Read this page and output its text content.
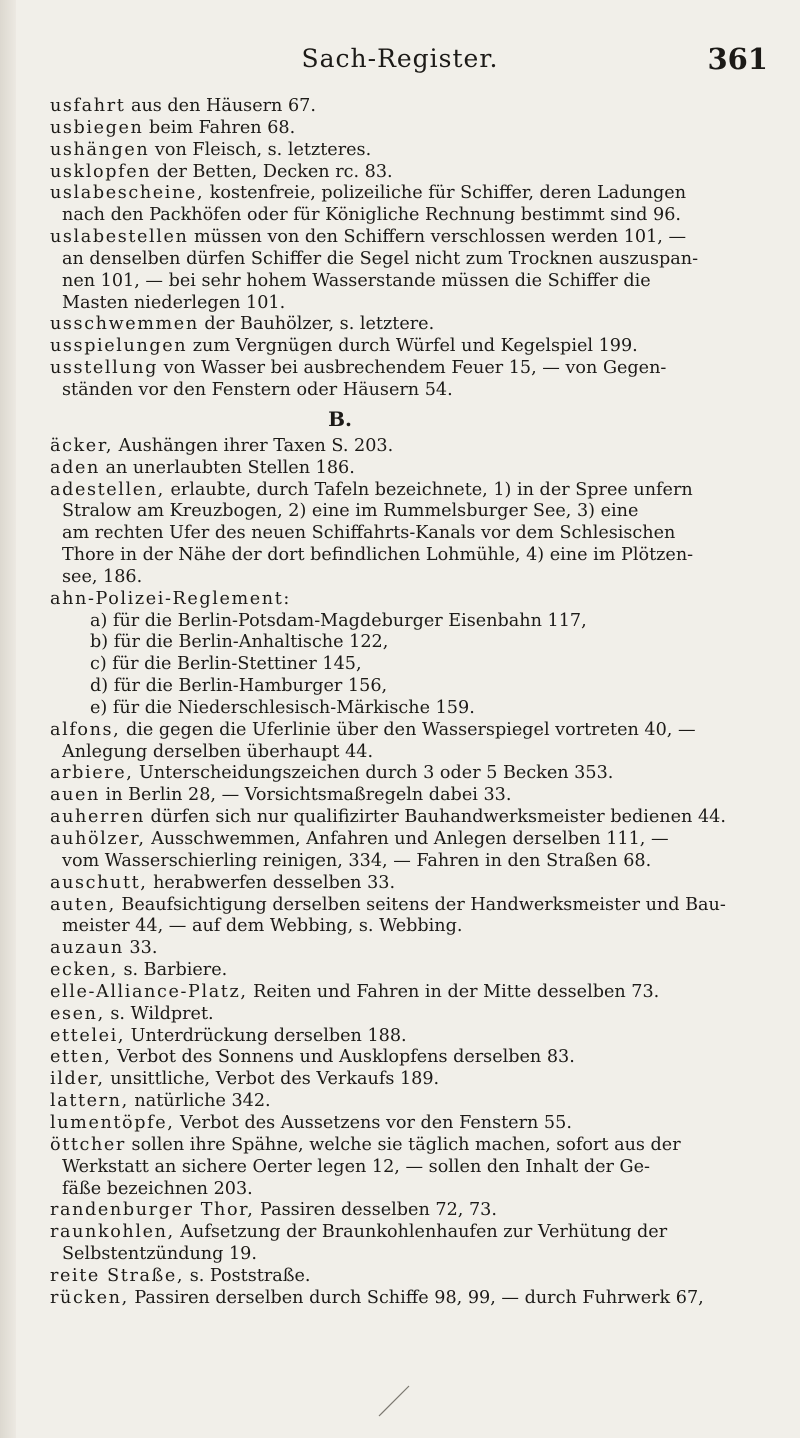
Sach-Register.	361
usfahrt aus den Häusern 67.
usbiegen beim Fahren 68.
ushängen von Fleisch, s. letzteres.
usklopfen der Betten, Decken rc. 83.
uslabescheine, kostenfreie, polizeiliche für Schiffer, deren Ladungen
nach den Packhöfen oder für Königliche Rechnung bestimmt sind 96.
uslabestellen müssen von den Schiffern verschlossen werden 101, —
an denselben dürfen Schiffer die Segel nicht zum Trocknen auszuspan-
nen 101, — bei sehr hohem Wasserstande müssen die Schiffer die
Masten niederlegen 101.
usschwemmen der Bauhölzer, s. letztere.
usspielungen zum Vergnügen durch Würfel und Kegelspiel 199.
usstellung von Wasser bei ausbrechendem Feuer 15, — von Gegen-
ständen vor den Fenstern oder Häusern 54.
B.
äcker, Aushängen ihrer Taxen S. 203.
aden an unerlaubten Stellen 186.
adestellen, erlaubte, durch Tafeln bezeichnete, 1) in der Spree unfern
Stralow am Kreuzbogen, 2) eine im Rummelsburger See, 3) eine
am rechten Ufer des neuen Schiffahrts-Kanals vor dem Schlesischen
Thore in der Nähe der dort befindlichen Lohmühle, 4) eine im Plötzen-
see, 186.
ahn-Polizei-Reglement:
a) für die Berlin-Potsdam-Magdeburger Eisenbahn 117,
b) für die Berlin-Anhaltische 122,
c) für die Berlin-Stettiner 145,
d) für die Berlin-Hamburger 156,
e) für die Niederschlesisch-Märkische 159.
alfons, die gegen die Uferlinie über den Wasserspiegel vortreten 40, —
Anlegung derselben überhaupt 44.
arbiere, Unterscheidungszeichen durch 3 oder 5 Becken 353.
auen in Berlin 28, — Vorsichtsmaßregeln dabei 33.
auherren dürfen sich nur qualifizirter Bauhandwerksmeister bedienen 44.
auhölzer, Ausschwemmen, Anfahren und Anlegen derselben 111, —
vom Wasserschierling reinigen, 334, — Fahren in den Straßen 68.
auschutt, herabwerfen desselben 33.
auten, Beaufsichtigung derselben seitens der Handwerksmeister und Bau-
meister 44, — auf dem Webbing, s. Webbing.
auzaun 33.
ecken, s. Barbiere.
elle-Alliance-Platz, Reiten und Fahren in der Mitte desselben 73.
esen, s. Wildpret.
ettelei, Unterdrückung derselben 188.
etten, Verbot des Sonnens und Ausklopfens derselben 83.
ilder, unsittliche, Verbot des Verkaufs 189.
lattern, natürliche 342.
lumentöpfe, Verbot des Aussetzens vor den Fenstern 55.
öttcher sollen ihre Spähne, welche sie täglich machen, sofort aus der
Werkstatt an sichere Oerter legen 12, — sollen den Inhalt der Ge-
fäße bezeichnen 203.
randenburger Thor, Passiren desselben 72, 73.
raunkohlen, Aufsetzung der Braunkohlenhaufen zur Verhütung der
Selbstentzündung 19.
reite Straße, s. Poststraße.
rücken, Passiren derselben durch Schiffe 98, 99, — durch Fuhrwerk 67,
